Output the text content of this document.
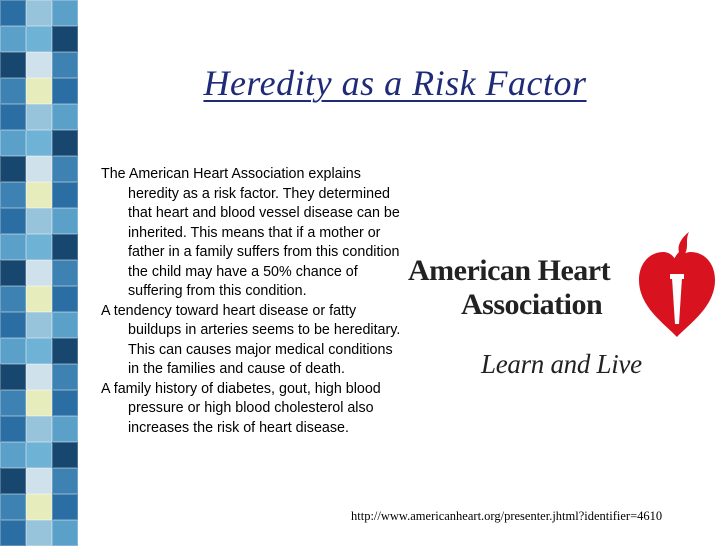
Heredity as a Risk Factor

The American Heart Association explains heredity as a risk factor. They determined that heart and blood vessel disease can be inherited. This means that if a mother or father in a family suffers from this condition the child may have a 50% chance of suffering from this condition.

A tendency toward heart disease or fatty buildups in arteries seems to be hereditary. This can causes major medical conditions in the families and cause of death.

A family history of diabetes, gout, high blood pressure or high blood cholesterol also increases the risk of heart disease.

American Heart
Association
Learn and Live
http://www.americanheart.org/presenter.jhtml?identifier=4610
